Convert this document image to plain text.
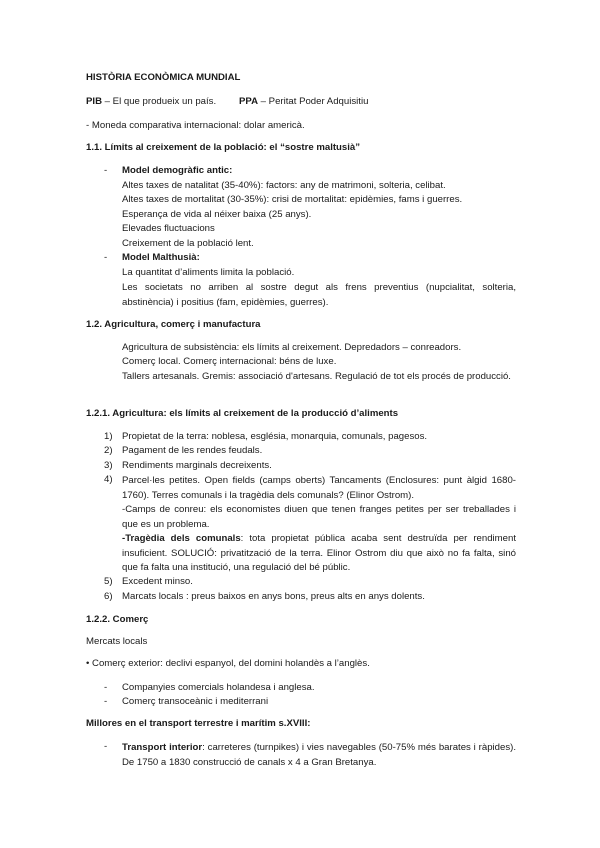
HISTÒRIA ECONÒMICA MUNDIAL
PIB – El que produeix un país. PPA – Peritat Poder Adquisitiu
- Moneda comparativa internacional: dolar americà.
1.1. Límits al creixement de la població: el “sostre maltusià”
- Model demogràfic antic:
Altes taxes de natalitat (35-40%): factors: any de matrimoni, solteria, celibat.
Altes taxes de mortalitat (30-35%): crisi de mortalitat: epidèmies, fams i guerres.
Esperança de vida al néixer baixa (25 anys).
Elevades fluctuacions
Creixement de la població lent.
- Model Malthusià:
La quantitat d’aliments limita la població.
Les societats no arriben al sostre degut als frens preventius (nupcialitat, solteria, abstinència) i positius (fam, epidèmies, guerres).
1.2. Agricultura, comerç i manufactura
Agricultura de subsistència: els límits al creixement. Depredadors – conreadors.
Comerç local. Comerç internacional: béns de luxe.
Tallers artesanals. Gremis: associació d'artesans. Regulació de tot els procés de producció.
1.2.1. Agricultura: els límits al creixement de la producció d’aliments
1) Propietat de la terra: noblesa, església, monarquia, comunals, pagesos.
2) Pagament de les rendes feudals.
3) Rendiments marginals decreixents.
4) Parcel·les petites. Open fields (camps oberts) Tancaments (Enclosures: punt àlgid 1680-1760). Terres comunals i la tragèdia dels comunals? (Elinor Ostrom).
-Camps de conreu: els economistes diuen que tenen franges petites per ser treballades i que es un problema.
-Tragèdia dels comunals: tota propietat pública acaba sent destruïda per rendiment insuficient. SOLUCIÓ: privatització de la terra. Elinor Ostrom diu que això no fa falta, sinó que fa falta una institució, una regulació del bé públic.
5) Excedent minso.
6) Marcats locals : preus baixos en anys bons, preus alts en anys dolents.
1.2.2. Comerç
Mercats locals
• Comerç exterior: declivi espanyol, del domini holandès a l’anglès.
- Companyies comercials holandesa i anglesa.
- Comerç transoceànic i mediterrani
Millores en el transport terrestre i marítim s.XVIII:
- Transport interior: carreteres (turnpikes) i vies navegables (50-75% més barates i ràpides). De 1750 a 1830 construcció de canals x 4 a Gran Bretanya.
